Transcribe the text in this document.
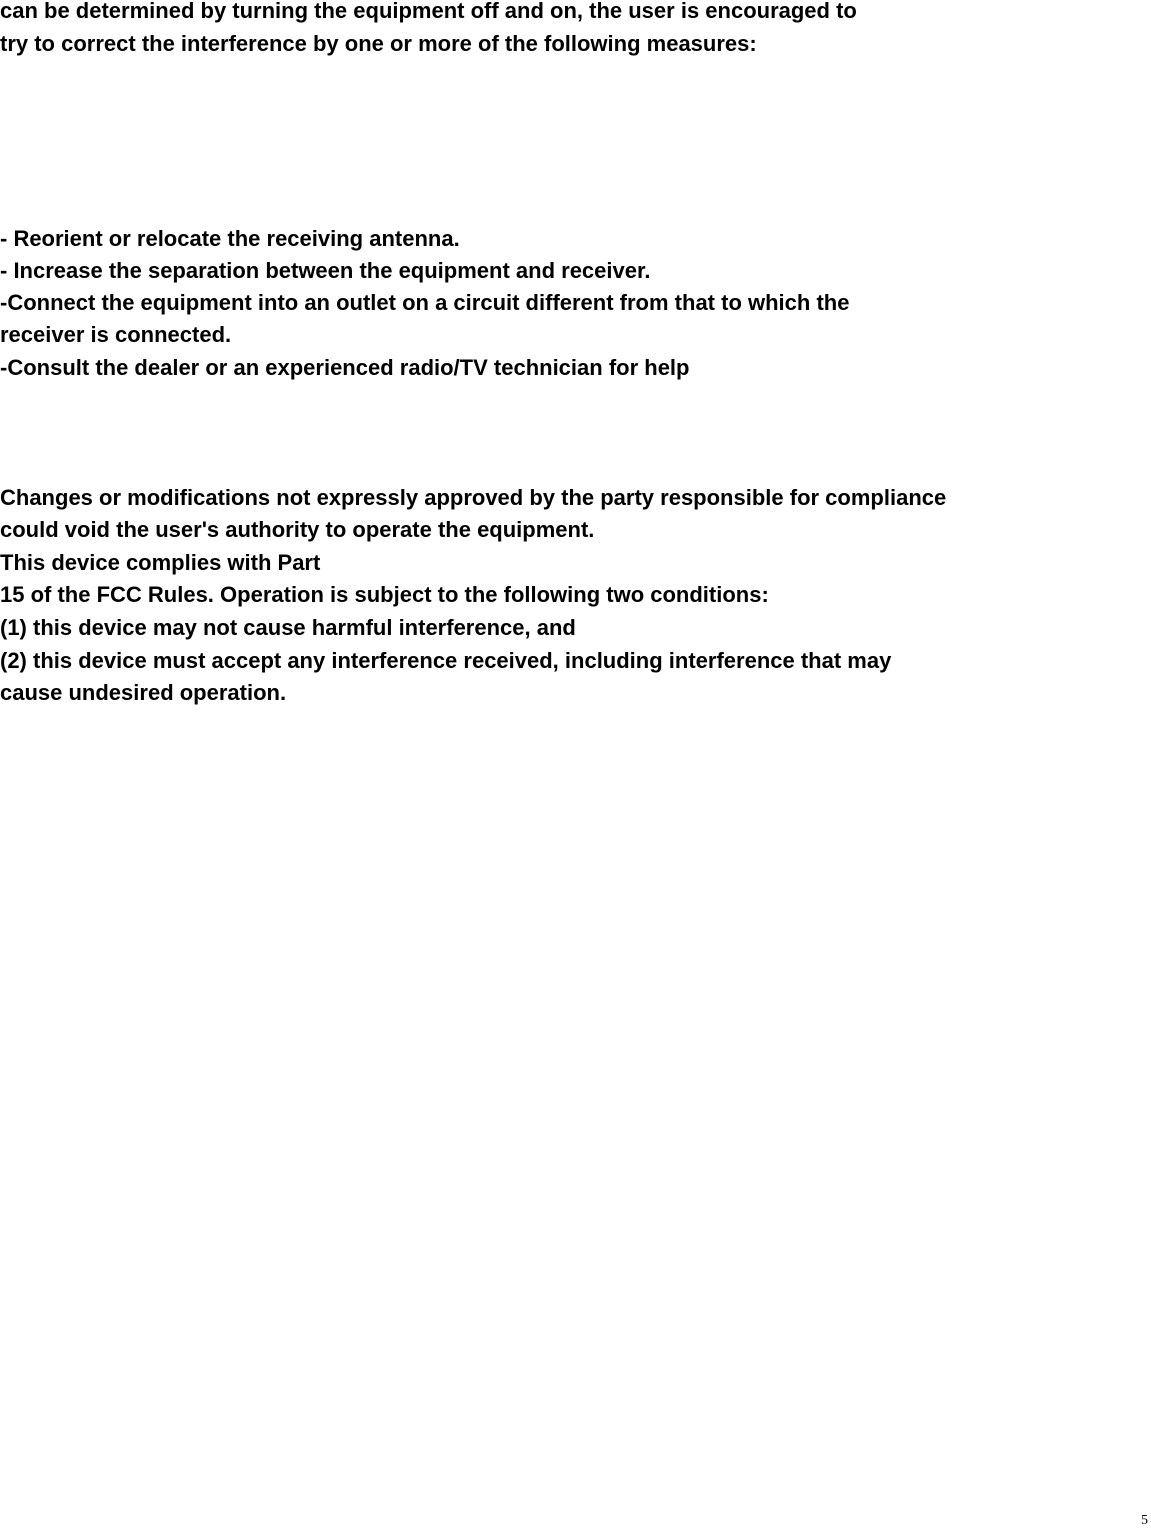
can be determined by turning the equipment off and on, the user is encouraged to

try to correct the interference by one or more of the following measures:

- Reorient or relocate the receiving antenna.

- Increase the separation between the equipment and receiver.

-Connect the equipment into an outlet on a circuit different from that to which the

receiver is connected.

-Consult the dealer or an experienced radio/TV technician for help

Changes or modifications not expressly approved by the party responsible for compliance

could void the user's authority to operate the equipment.

This device complies with Part

15 of the FCC Rules. Operation is subject to the following two conditions:

(1) this device may not cause harmful interference, and

(2) this device must accept any interference received, including interference that may

cause undesired operation.

5
